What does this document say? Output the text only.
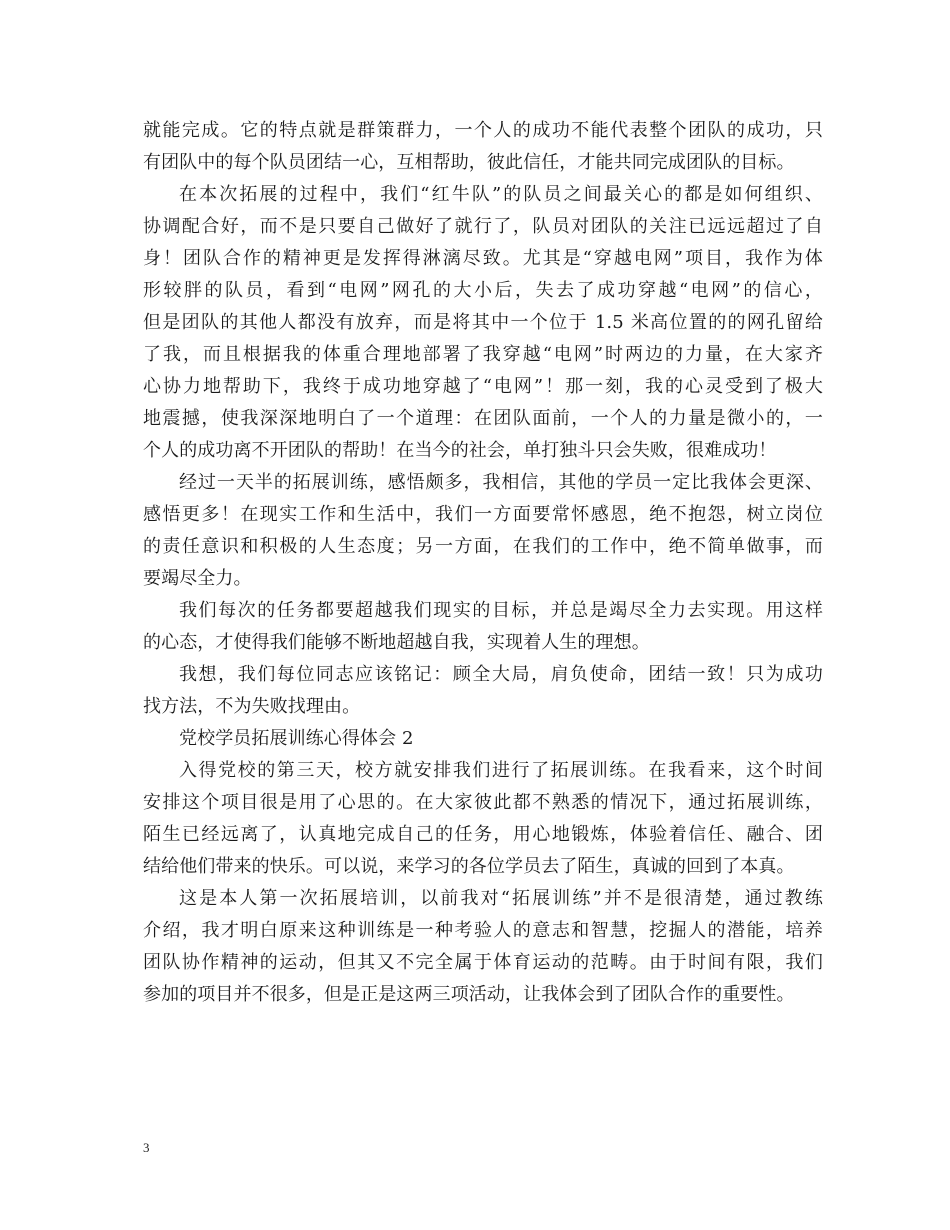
就能完成。它的特点就是群策群力，一个人的成功不能代表整个团队的成功，只
有团队中的每个队员团结一心，互相帮助，彼此信任，才能共同完成团队的目标。
在本次拓展的过程中，我们“红牛队”的队员之间最关心的都是如何组织、
协调配合好，而不是只要自己做好了就行了，队员对团队的关注已远远超过了自
身！团队合作的精神更是发挥得淋漓尽致。尤其是“穿越电网”项目，我作为体
形较胖的队员，看到“电网”网孔的大小后，失去了成功穿越“电网”的信心，
但是团队的其他人都没有放弃，而是将其中一个位于 1.5 米高位置的的网孔留给
了我，而且根据我的体重合理地部署了我穿越“电网”时两边的力量，在大家齐
心协力地帮助下，我终于成功地穿越了“电网”！那一刻，我的心灵受到了极大
地震撼，使我深深地明白了一个道理：在团队面前，一个人的力量是微小的，一
个人的成功离不开团队的帮助！在当今的社会，单打独斗只会失败，很难成功！
经过一天半的拓展训练，感悟颇多，我相信，其他的学员一定比我体会更深、
感悟更多！在现实工作和生活中，我们一方面要常怀感恩，绝不抱怨，树立岗位
的责任意识和积极的人生态度；另一方面，在我们的工作中，绝不简单做事，而
要竭尽全力。
我们每次的任务都要超越我们现实的目标，并总是竭尽全力去实现。用这样
的心态，才使得我们能够不断地超越自我，实现着人生的理想。
我想，我们每位同志应该铭记：顾全大局，肩负使命，团结一致！只为成功
找方法，不为失败找理由。
党校学员拓展训练心得体会 2
入得党校的第三天，校方就安排我们进行了拓展训练。在我看来，这个时间
安排这个项目很是用了心思的。在大家彼此都不熟悉的情况下，通过拓展训练，
陌生已经远离了，认真地完成自己的任务，用心地锻炼，体验着信任、融合、团
结给他们带来的快乐。可以说，来学习的各位学员去了陌生，真诚的回到了本真。
这是本人第一次拓展培训，以前我对“拓展训练”并不是很清楚，通过教练
介绍，我才明白原来这种训练是一种考验人的意志和智慧，挖掘人的潜能，培养
团队协作精神的运动，但其又不完全属于体育运动的范畴。由于时间有限，我们
参加的项目并不很多，但是正是这两三项活动，让我体会到了团队合作的重要性。
3
